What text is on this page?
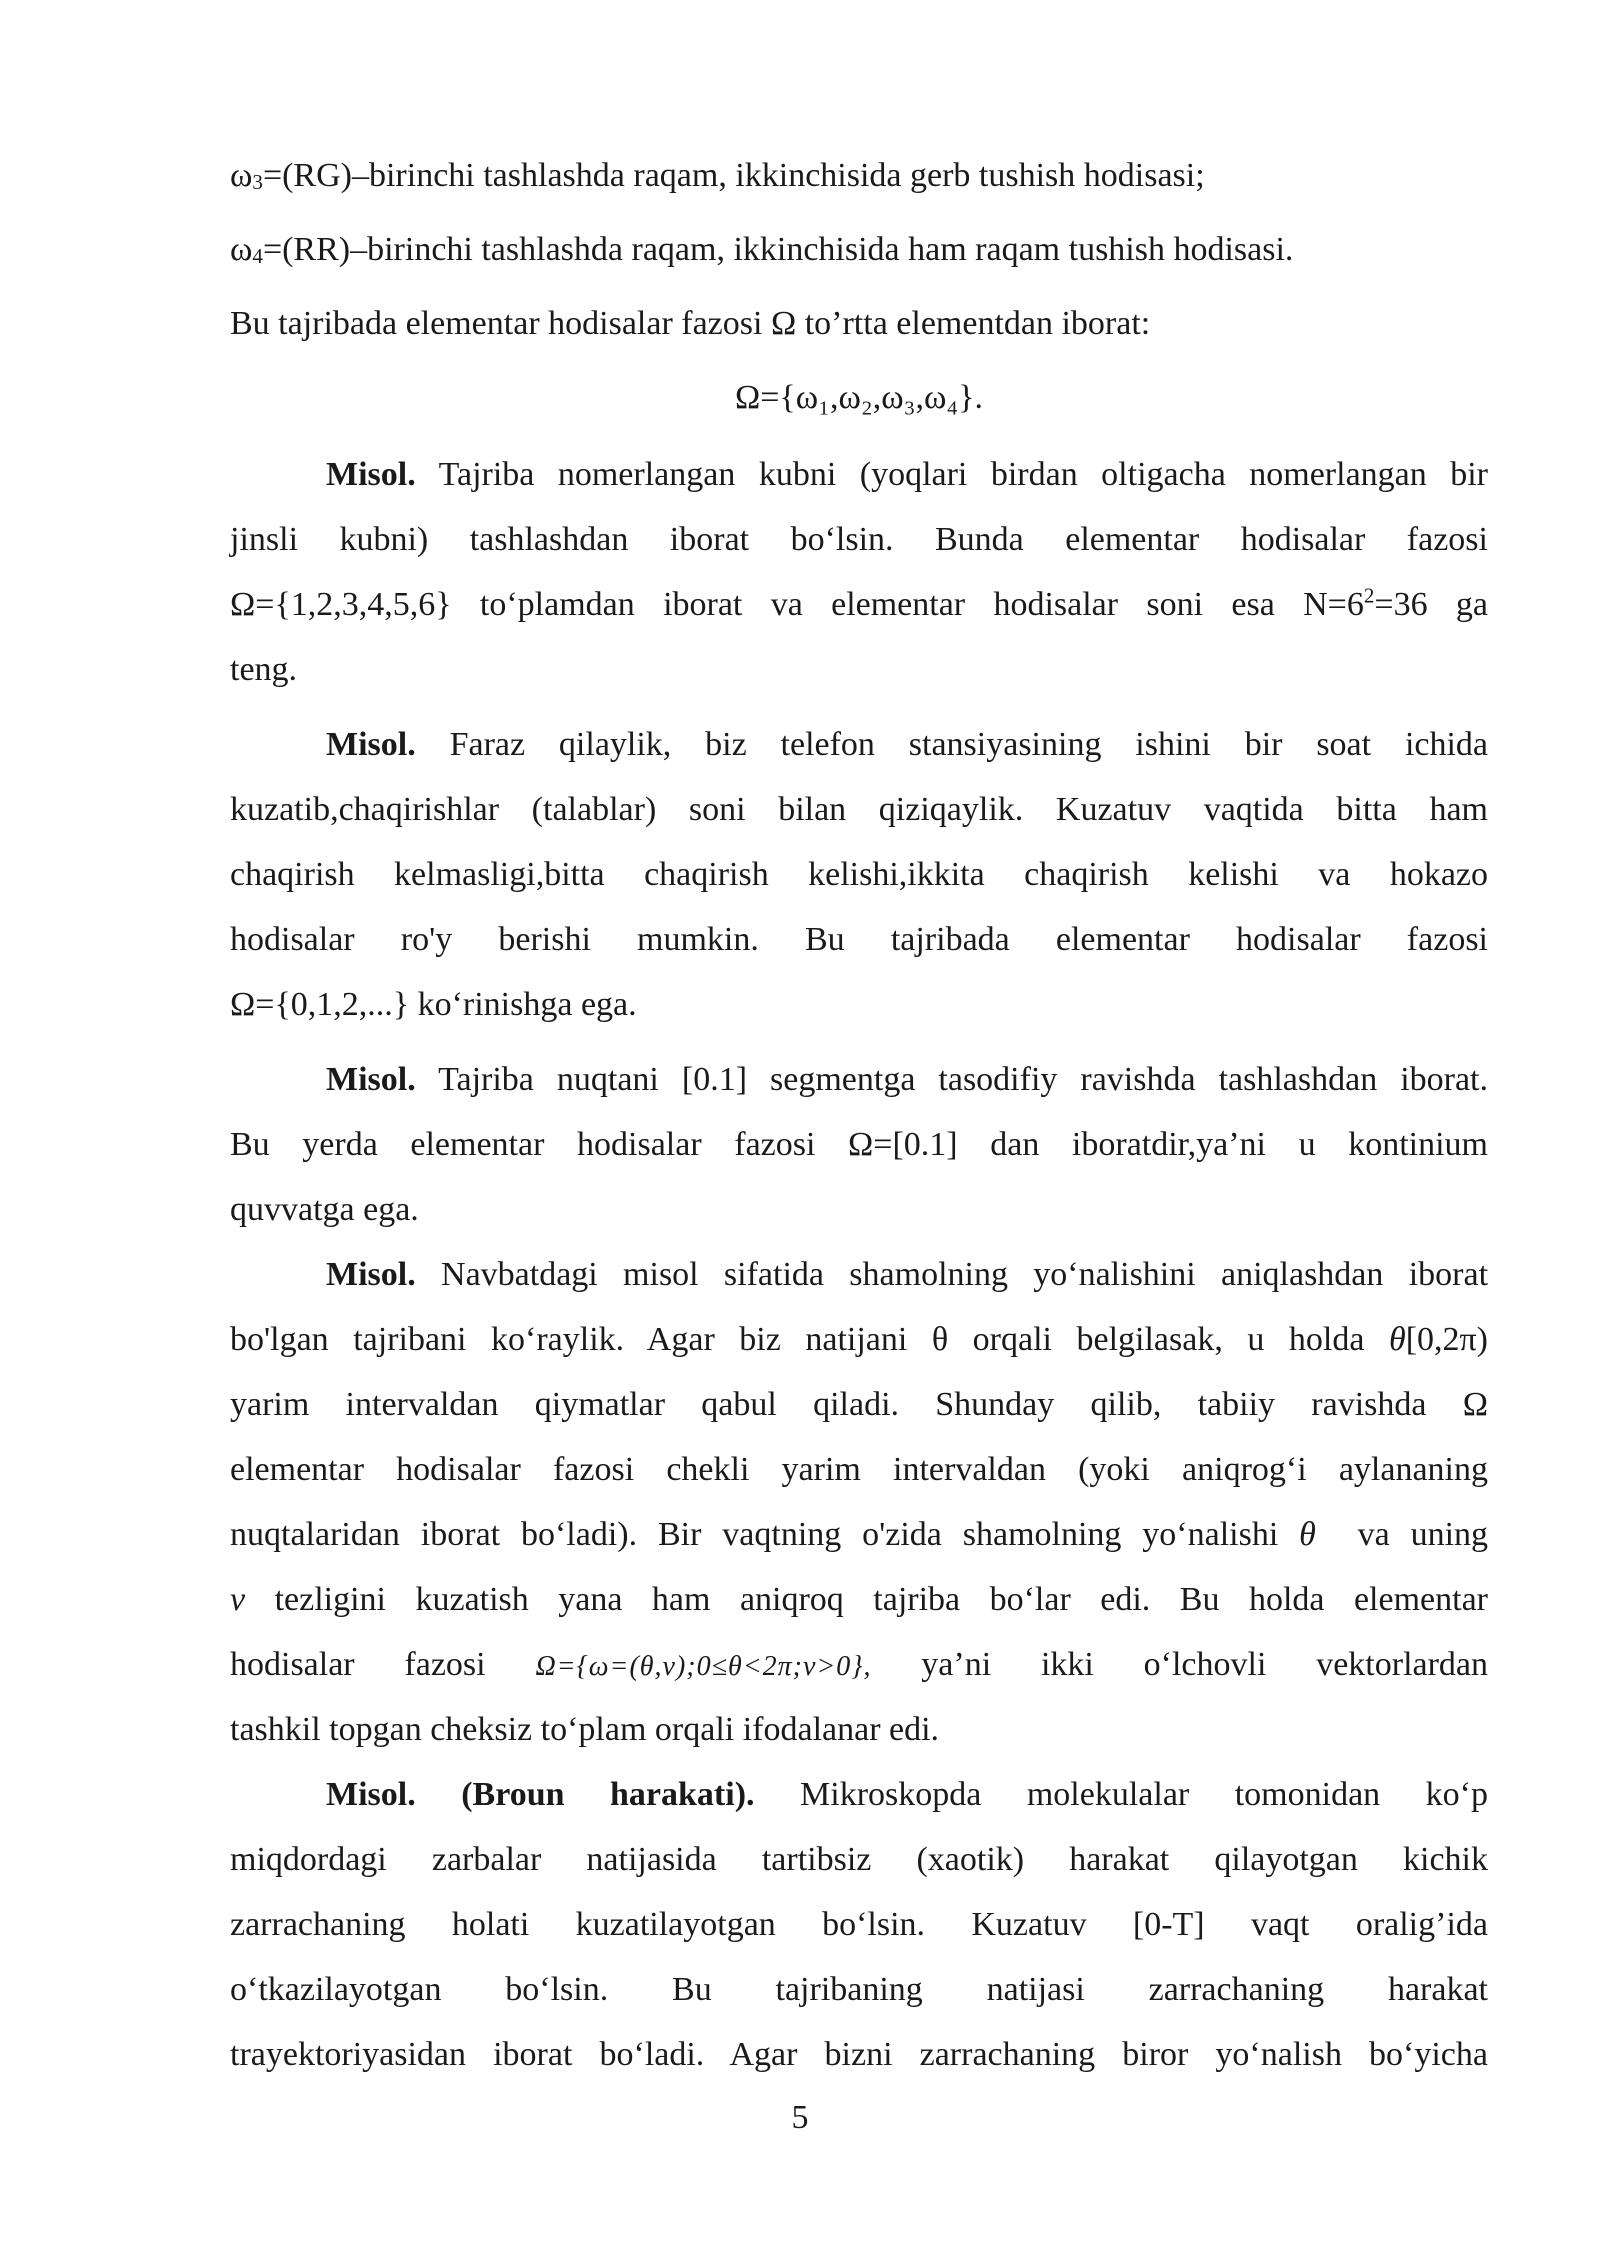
$\omega_3=(RG)$–birinchi tashlashda raqam, ikkinchisida gerb tushish hodisasi;
$\omega_4=(RR)$–birinchi tashlashda raqam, ikkinchisida ham raqam tushish hodisasi.
Bu tajribada elementar hodisalar fazosi Ω to’rtta elementdan iborat:
Ω={ω₁,ω₂,ω₃,ω₄}.
Misol. Tajriba nomerlangan kubni (yoqlari birdan oltigacha nomerlangan bir
jinsli kubni) tashlashdan iborat bo‘lsin. Bunda elementar hodisalar fazosi
Ω={1,2,3,4,5,6} to‘plamdan iborat va elementar hodisalar soni esa $N=6^2=36$ ga
teng.
Misol. Faraz qilaylik, biz telefon stansiyasining ishini bir soat ichida
kuzatib,chaqirishlar (talablar) soni bilan qiziqaylik. Kuzatuv vaqtida bitta ham
chaqirish kelmasligi,bitta chaqirish kelishi,ikkita chaqirish kelishi va hokazo
hodisalar ro'y berishi mumkin. Bu tajribada elementar hodisalar fazosi
Ω={0,1,2,...} ko‘rinishga ega.
Misol. Tajriba nuqtani [0.1] segmentga tasodifiy ravishda tashlashdan iborat.
Bu yerda elementar hodisalar fazosi Ω=[0.1] dan iboratdir,ya’ni u kontinium
quvvatga ega.
Misol. Navbatdagi misol sifatida shamolning yo‘nalishini aniqlashdan iborat
bo'lgan tajribani ko‘raylik. Agar biz natijani θ orqali belgilasak, u holda θ[0,2π)
yarim intervaldan qiymatlar qabul qiladi. Shunday qilib, tabiiy ravishda Ω
elementar hodisalar fazosi chekli yarim intervaldan (yoki aniqrog‘i aylananing
nuqtalaridan iborat bo‘ladi). Bir vaqtning o'zida shamolning yo‘nalishi θ va uning
v tezligini kuzatish yana ham aniqroq tajriba bo‘lar edi. Bu holda elementar
hodisalar fazosi Ω={ω=(θ,v);0≤θ<2π;v>0}, ya’ni ikki o‘lchovli vektorlardan
tashkil topgan cheksiz to‘plam orqali ifodalanar edi.
Misol. (Broun harakati). Mikroskopda molekulalar tomonidan ko‘p
miqdordagi zarbalar natijasida tartibsiz (xaotik) harakat qilayotgan kichik
zarrachaning holati kuzatilayotgan bo‘lsin. Kuzatuv [0-T] vaqt oralig’ida
o‘tkazilayotgan bo‘lsin. Bu tajribaning natijasi zarrachaning harakat
trayektoriyasidan iborat bo‘ladi. Agar bizni zarrachaning biror yo‘nalish bo‘yicha
5
